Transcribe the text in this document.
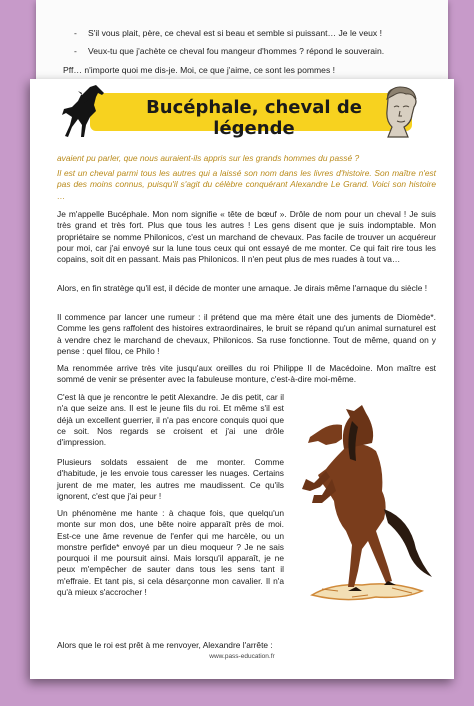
- S'il vous plait, père, ce cheval est si beau et semble si puissant… Je le veux !
- Veux-tu que j'achète ce cheval fou mangeur d'hommes ? répond le souverain.
Pff… n'importe quoi me dis-je. Moi, ce que j'aime, ce sont les pommes !
Bucéphale, cheval de légende
avaient pu parler, que nous auraient-ils appris sur les grands hommes du passé ?
Il est un cheval parmi tous les autres qui a laissé son nom dans les livres d'histoire. Son maître n'est pas des moins connus, puisqu'il s'agit du célèbre conquérant Alexandre Le Grand. Voici son histoire …
Je m'appelle Bucéphale. Mon nom signifie « tête de bœuf ». Drôle de nom pour un cheval ! Je suis très grand et très fort. Plus que tous les autres ! Les gens disent que je suis indomptable. Mon propriétaire se nomme Philonicos, c'est un marchand de chevaux. Pas facile de trouver un acquéreur pour moi, car j'ai envoyé sur la lune tous ceux qui ont essayé de me monter. Ce qui fait rire tous les copains, soit dit en passant. Mais pas Philonicos. Il n'en peut plus de mes ruades à tout va…
Alors, en fin stratège qu'il est, il décide de monter une arnaque. Je dirais même l'arnaque du siècle !
Il commence par lancer une rumeur : il prétend que ma mère était une des juments de Diomède*. Comme les gens raffolent des histoires extraordinaires, le bruit se répand qu'un animal surnaturel est à vendre chez le marchand de chevaux, Philonicos. Sa ruse fonctionne. Tout de même, quand on y pense : quel filou, ce Philo !
Ma renommée arrive très vite jusqu'aux oreilles du roi Philippe II de Macédoine. Mon maître est sommé de venir se présenter avec la fabuleuse monture, c'est-à-dire moi-même.
C'est là que je rencontre le petit Alexandre. Je dis petit, car il n'a que seize ans. Il est le jeune fils du roi. Et même s'il est déjà un excellent guerrier, il n'a pas encore conquis quoi que ce soit. Nos regards se croisent et j'ai une drôle d'impression.
Plusieurs soldats essaient de me monter. Comme d'habitude, je les envoie tous caresser les nuages. Certains jurent de me mater, les autres me maudissent. Ce qu'ils ignorent, c'est que j'ai peur !
Un phénomène me hante : à chaque fois, que quelqu'un monte sur mon dos, une bête noire apparaît près de moi. Est-ce une âme revenue de l'enfer qui me harcèle, ou un monstre perfide* envoyé par un dieu moqueur ? Je ne sais pourquoi il me poursuit ainsi. Mais lorsqu'il apparaît, je ne peux m'empêcher de sauter dans tous les sens tant il m'effraie. Et tant pis, si cela désarçonne mon cavalier. Il n'a qu'à mieux s'accrocher !
Alors que le roi est prêt à me renvoyer, Alexandre l'arrête :
www.pass-education.fr
